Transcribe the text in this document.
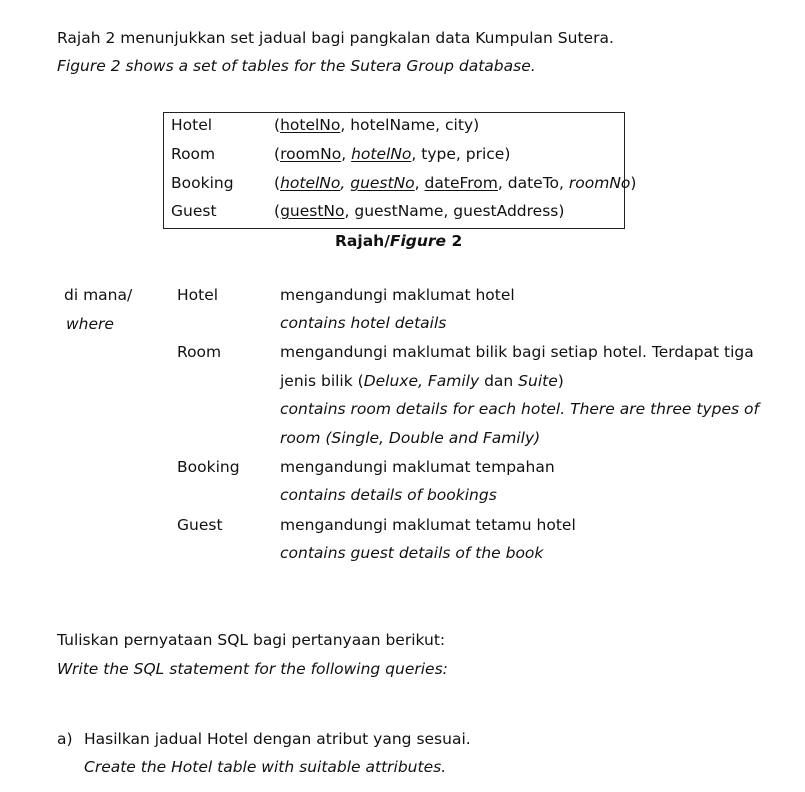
Rajah 2 menunjukkan set jadual bagi pangkalan data Kumpulan Sutera.
Figure 2 shows a set of tables for the Sutera Group database.
Hotel	(hotelNo, hotelName, city)
Room	(roomNo, hotelNo, type, price)
Booking	(hotelNo, guestNo, dateFrom, dateTo, roomNo)
Guest	(guestNo, guestName, guestAddress)
Rajah/Figure 2
di mana/
where
Hotel	mengandungi maklumat hotel
contains hotel details
Room	mengandungi maklumat bilik bagi setiap hotel. Terdapat tiga
jenis bilik (Deluxe, Family dan Suite)
contains room details for each hotel. There are three types of
room (Single, Double and Family)
Booking	mengandungi maklumat tempahan
contains details of bookings
Guest	mengandungi maklumat tetamu hotel
contains guest details of the book
Tuliskan pernyataan SQL bagi pertanyaan berikut:
Write the SQL statement for the following queries:
a) Hasilkan jadual Hotel dengan atribut yang sesuai.
Create the Hotel table with suitable attributes.
